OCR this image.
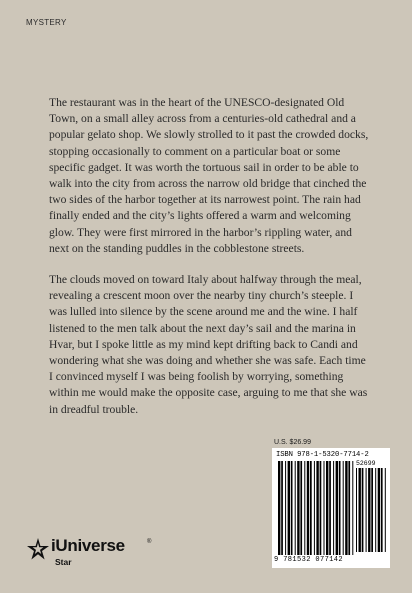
MYSTERY

The restaurant was in the heart of the UNESCO-designated Old Town, on a small alley across from a centuries-old cathedral and a popular gelato shop. We slowly strolled to it past the crowded docks, stopping occasionally to comment on a particular boat or some specific gadget. It was worth the tortuous sail in order to be able to walk into the city from across the narrow old bridge that cinched the two sides of the harbor together at its narrowest point. The rain had finally ended and the city’s lights offered a warm and welcoming glow. They were first mirrored in the harbor’s rippling water, and next on the standing puddles in the cobblestone streets.

The clouds moved on toward Italy about halfway through the meal, revealing a crescent moon over the nearby tiny church’s steeple. I was lulled into silence by the scene around me and the wine. I half listened to the men talk about the next day’s sail and the marina in Hvar, but I spoke little as my mind kept drifting back to Candi and wondering what she was doing and whether she was safe. Each time I convinced myself I was being foolish by worrying, something within me would make the opposite case, arguing to me that she was in dreadful trouble.

U.S. $26.99
ISBN 978-1-5320-7714-2
52699
9 781532 077142
iUniverse	®
Star
